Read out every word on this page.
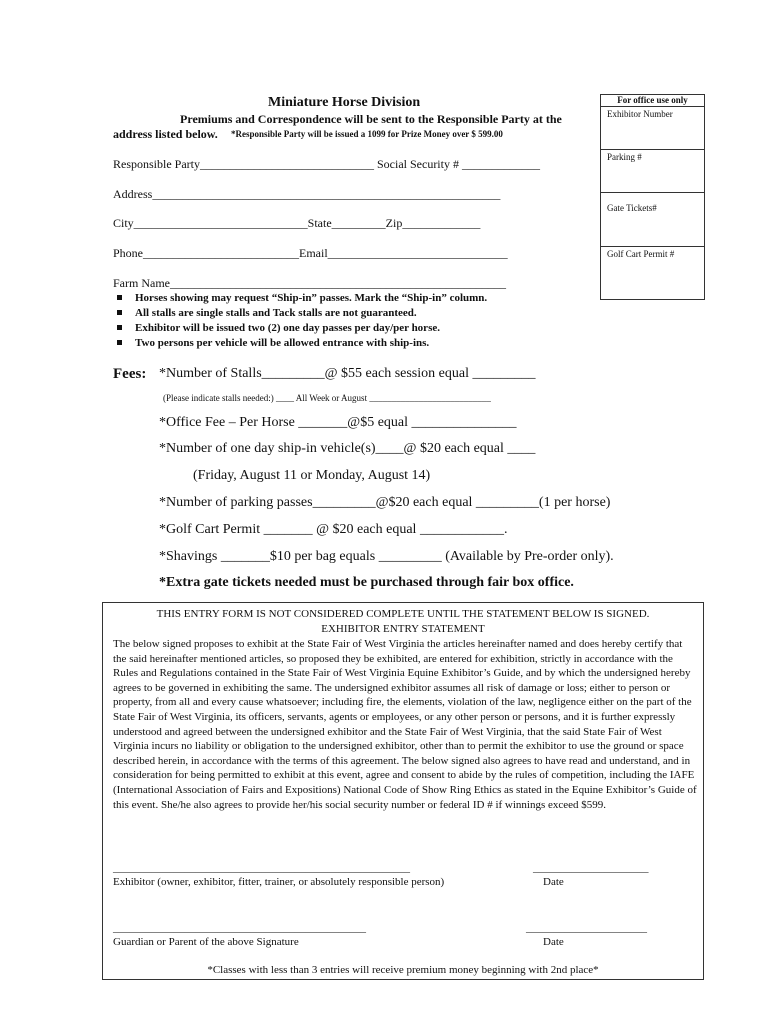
Miniature Horse Division
Premiums and Correspondence will be sent to the Responsible Party at the
address listed below. *Responsible Party will be issued a 1099 for Prize Money over $ 599.00
For office use only
Exhibitor Number
Parking #
Gate Tickets#
Golf Cart Permit #
Responsible Party_____________________________ Social Security # _____________
Address__________________________________________________________
City_____________________________State_________Zip_____________
Phone__________________________Email______________________________
Farm Name________________________________________________________
Horses showing may request “Ship-in” passes. Mark the “Ship-in” column.
All stalls are single stalls and Tack stalls are not guaranteed.
Exhibitor will be issued two (2) one day passes per day/per horse.
Two persons per vehicle will be allowed entrance with ship-ins.
Fees: *Number of Stalls_________@ $55 each session equal _________
(Please indicate stalls needed:) ____ All Week or August ___________________________
*Office Fee – Per Horse _______@$5 equal _______________
*Number of one day ship-in vehicle(s)____@ $20 each equal ____
(Friday, August 11 or Monday, August 14)
*Number of parking passes_________@$20 each equal _________(1 per horse)
*Golf Cart Permit _______ @ $20 each equal ____________.
*Shavings _______$10 per bag equals _________ (Available by Pre-order only).
*Extra gate tickets needed must be purchased through fair box office.
THIS ENTRY FORM IS NOT CONSIDERED COMPLETE UNTIL THE STATEMENT BELOW IS SIGNED.
EXHIBITOR ENTRY STATEMENT
The below signed proposes to exhibit at the State Fair of West Virginia the articles hereinafter named and does hereby certify that the said hereinafter mentioned articles, so proposed they be exhibited, are entered for exhibition, strictly in accordance with the Rules and Regulations contained in the State Fair of West Virginia Equine Exhibitor’s Guide, and by which the undersigned hereby agrees to be governed in exhibiting the same. The undersigned exhibitor assumes all risk of damage or loss; either to person or property, from all and every cause whatsoever; including fire, the elements, violation of the law, negligence either on the part of the State Fair of West Virginia, its officers, servants, agents or employees, or any other person or persons, and it is further expressly understood and agreed between the undersigned exhibitor and the State Fair of West Virginia, that the said State Fair of West Virginia incurs no liability or obligation to the undersigned exhibitor, other than to permit the exhibitor to use the ground or space described herein, in accordance with the terms of this agreement. The below signed also agrees to have read and understand, and in consideration for being permitted to exhibit at this event, agree and consent to abide by the rules of competition, including the IAFE (International Association of Fairs and Expositions) National Code of Show Ring Ethics as stated in the Equine Exhibitor’s Guide of this event. She/he also agrees to provide her/his social security number or federal ID # if winnings exceed $599.
______________________________________________________
Exhibitor (owner, exhibitor, fitter, trainer, or absolutely responsible person)
_____________________
Date
______________________________________________
Guardian or Parent of the above Signature
______________________
Date
*Classes with less than 3 entries will receive premium money beginning with 2nd place*
